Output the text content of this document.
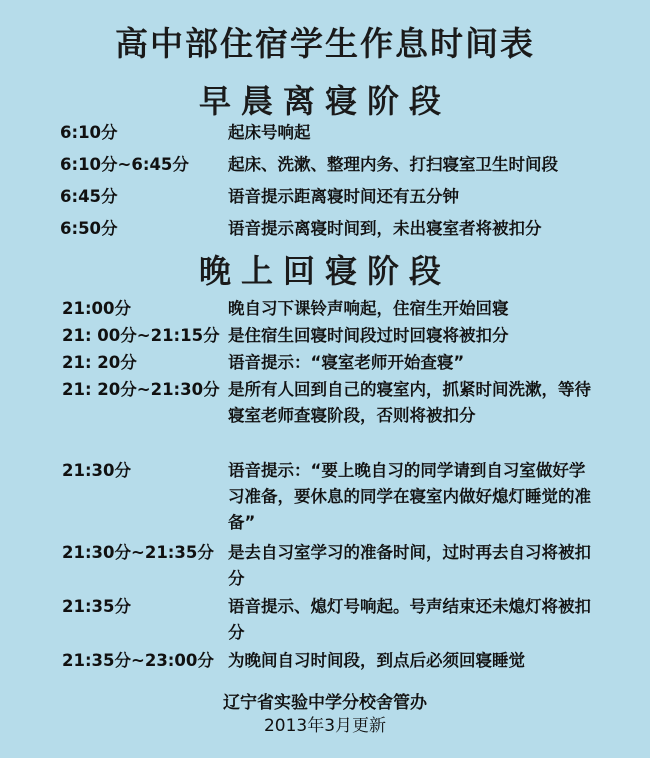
高中部住宿学生作息时间表
早晨离寝阶段
6:10分	起床号响起
6:10分~6:45分 起床、洗漱、整理内务、打扫寝室卫生时间段
6:45分	语音提示距离寝时间还有五分钟
6:50分	语音提示离寝时间到，未出寝室者将被扣分
晚上回寝阶段
21:00分	晚自习下课铃声响起，住宿生开始回寝
21: 00分~21:15分 是住宿生回寝时间段过时回寝将被扣分
21: 20分	语音提示：“寝室老师开始查寝”
21: 20分~21:30分 是所有人回到自己的寝室内，抓紧时间洗漱，等待寝室老师查寝阶段，否则将被扣分
21:30分	语音提示：“要上晚自习的同学请到自习室做好学习准备，要休息的同学在寝室内做好熄灯睡觉的准备”
21:30分~21:35分 是去自习室学习的准备时间，过时再去自习将被扣分
21:35分	语音提示、熄灯号响起。号声结束还未熄灯将被扣分
21:35分~23:00分 为晚间自习时间段，到点后必须回寝睡觉
辽宁省实验中学分校舍管办
2013年3月更新
